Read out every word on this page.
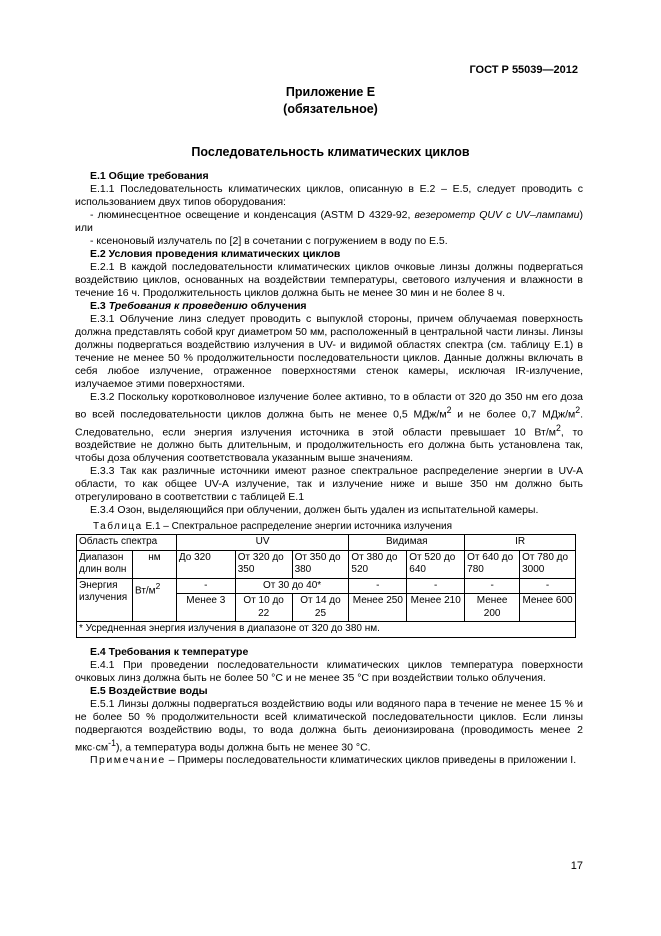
ГОСТ Р 55039—2012
Приложение Е
(обязательное)
Последовательность климатических циклов

Е.1 Общие требования

Е.1.1 Последовательность климатических циклов, описанную в Е.2 – Е.5, следует проводить с использованием двух типов оборудования:

- люминесцентное освещение и конденсация (ASTM D 4329-92, везерометр QUV с UV–лампами) или

- ксеноновый излучатель по [2] в сочетании с погружением в воду по Е.5.

Е.2 Условия проведения климатических циклов

Е.2.1 В каждой последовательности климатических циклов очковые линзы должны подвергаться воздействию циклов, основанных на воздействии температуры, светового излучения и влажности в течение 16 ч. Продолжительность циклов должна быть не менее 30 мин и не более 8 ч.

Е.3 Требования к проведению облучения

Е.3.1 Облучение линз следует проводить с выпуклой стороны, причем облучаемая поверхность должна представлять собой круг диаметром 50 мм, расположенный в центральной части линзы. Линзы должны подвергаться воздействию излучения в UV- и видимой областях спектра (см. таблицу Е.1) в течение не менее 50 % продолжительности последовательности циклов. Данные должны включать в себя любое излучение, отраженное поверхностями стенок камеры, исключая IR-излучение, излучаемое этими поверхностями.

Е.3.2 Поскольку коротковолновое излучение более активно, то в области от 320 до 350 нм его доза во всей последовательности циклов должна быть не менее 0,5 МДж/$м^2$ и не более 0,7 МДж/$м^2$. Следовательно, если энергия излучения источника в этой области превышает 10 $Вт/м^2$, то воздействие не должно быть длительным, и продолжительность его должна быть установлена так, чтобы доза облучения соответствовала указанным выше значениям.

Е.3.3 Так как различные источники имеют разное спектральное распределение энергии в UV-A области, то как общее UV-A излучение, так и излучение ниже и выше 350 нм должно быть отрегулировано в соответствии с таблицей Е.1

Е.3.4 Озон, выделяющийся при облучении, должен быть удален из испытательной камеры.

Таблица Е.1 – Спектральное распределение энергии источника излучения

Область спектра		UV			Видимая		IR	
Диапазон длин волн	нм	До 320	От 320 до 350	От 350 до 380	От 380 до 520	От 520 до 640	От 640 до 780	От 780 до 3000
Энергия излучения	$Вт/м^2$	-	От 30 до 40*		-	-	-	-
		Менее 3	От 10 до 22	От 14 до 25	Менее 250	Менее 210	Менее 200	Менее 600
* Усредненная энергия излучения в диапазоне от 320 до 380 нм.								

Е.4 Требования к температуре

Е.4.1 При проведении последовательности климатических циклов температура поверхности очковых линз должна быть не более 50 °С и не менее 35 °С при воздействии только облучения.

Е.5 Воздействие воды

Е.5.1 Линзы должны подвергаться воздействию воды или водяного пара в течение не менее 15 % и не более 50 % продолжительности всей климатической последовательности циклов. Если линзы подвергаются воздействию воды, то вода должна быть деионизирована (проводимость менее 2 $мкс\cdot см^{-1}$), а температура воды должна быть не менее 30 °С.

Примечание – Примеры последовательности климатических циклов приведены в приложении I.

17
